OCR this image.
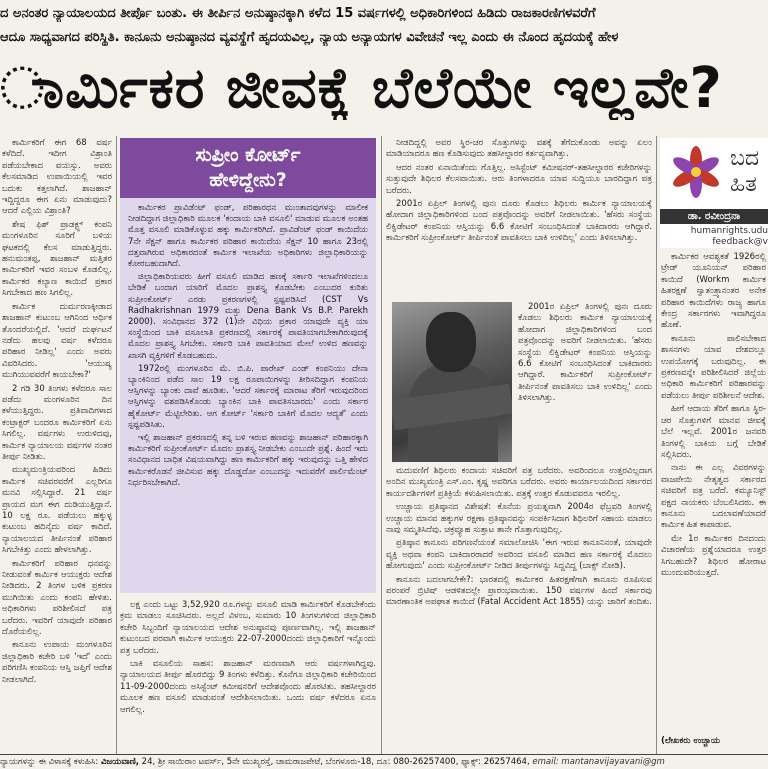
ದ ಅನಂತರ ನ್ಯಾಯಾಲಯದ ತೀರ್ಪೊ ಬಂತು. ಈ ತೀರ್ಪಿನ ಅನುಷ್ಠಾನಕ್ಕಾಗಿ ಕಳೆದ 15 ವರ್ಷಗಳಲ್ಲಿ ಅಧಿಕಾರಿಗಳಿಂದ ಹಿಡಿದು ರಾಜಕಾರಣಿಗಳವರೆಗೆ
ಆದೂ ಸಾಧ್ಯವಾಗದ ಪರಿಸ್ಥಿತಿ. ಕಾನೂನು ಅನುಷ್ಠಾನದ ವ್ಯವಸ್ಥೆಗೆ ಹೃದಯವಿಲ್ಲ, ನ್ಯಾಯ ಅನ್ಯಾಯಗಳ ವಿವೇಚನೆ ಇಲ್ಲ ಎಂದು ಈ ನೊಂದ ಹೃದಯಕ್ಕೆ ಹೇಳ
ಾರ್ಮಿಕರ ಜೀವಕ್ಕೆ ಬೆಲೆಯೇ ಇಲ್ಲವೇ?

ಕಾರ್ಮಿಕರಿಗೆ ಈಗ 68 ವರ್ಷ ಕಳೆದಿದೆ. ಇದೀಗ ವಿಶ್ರಾಂತಿ ಪಡೆಯಬೇಕಾದ ವಯಸ್ಸು. ಅವರು ಕೆಲಸಮಾಡಿದ ಉಪಾಯಿಯಲ್ಲಿ ಇವರ ಬದುಕು ಕತ್ತಲಾಗಿದೆ. ಶಾಜಹಾನ್ ಇದ್ದಿದ್ದರೂ ಈಗ ಏನು ಮಾಡುವುದು? ಆದರೆ ಎಲ್ಲಿಯ ವಿಶ್ರಾಂತಿ?

ಶೇಷ ಫಿಶ್ ಪ್ರಾಡಕ್ಟ್ಸ್ ಕಂಪನಿ ಮಂಗಳೂರಿನ ಸೂರಿಗೆ ಬಳಿಯ ಘಟಕದಲ್ಲಿ ಕೆಲಸ ಮಾಡುತ್ತಿದ್ದರು. ಹನುಮಂತಪ್ಪ, ಶಾಜಹಾನ್ ಮತ್ತಿತರ ಕಾರ್ಮಿಕರಿಗೆ ಇವರ ಸಂಬಳ ಕೊಡಲಿಲ್ಲ. ಕಾರ್ಮಿಕರ ಕಲ್ಯಾಣ ಕಾಯಿದೆ ಪ್ರಕಾರ ಸಿಗಬೇಕಾದ ಹಣ ಸಿಗಲಿಲ್ಲ.

ಕಾರ್ಮಿಕ ದುರ್ಮರಣಕ್ಕೀಡಾದ ಶಾಜಹಾನ್ ಕುಟುಂಬ ಆಗಿನಿಂದ ಆರ್ಥಿಕ ತೊಂದರೆಯಲ್ಲಿದೆ. 'ಆದರೆ ದುರ್ಘಟನೆ ನಡೆದು ಹಲವು ವರ್ಷ ಕಳೆದರೂ ಪರಿಹಾರ ನೀಡಿಲ್ಲ' ಎಂದು ಅವರು ವಿವರಿಸಿದರು. 'ಆಯುಷ್ಯ ಮುಗಿಯುವವರೆಗೆ ಕಾಯಬೇಕಾ?'

2 ಗಡಿ 30 ತಿಂಗಳು ಕಳೆದರೂ ಸಾಲ ಪಡೆದು ಮಂಗಳೂರಿನ ದಿನ ಕಳೆಯುತ್ತಿದ್ದರು. ಪ್ರತಿವಾದಿಗಳಾದ ಕಂಟ್ರಾಕ್ಟರ್ ಬಂದರೂ ಕಾರ್ಮಿಕರಿಗೆ ಏನು ಸಿಗಲಿಲ್ಲ. ವರ್ಷಗಳು ಉರುಳಿದವು, ಕಾರ್ಮಿಕ ನ್ಯಾಯಾಲಯ ವರ್ಷಗಳ ನಂತರ ತೀರ್ಪು ನೀಡಿತು.

ಮುಖ್ಯಮಂತ್ರಿಯವರಿಂದ ಹಿಡಿದು ಕಾರ್ಮಿಕ ಸಚಿವರವರೆಗೆ ಎಲ್ಲರಿಗೂ ಮನವಿ ಸಲ್ಲಿಸಿದ್ದಾರೆ. 21 ವರ್ಷ ಪ್ರಾಯದ ಮಗ ಈಗ ದುಡಿಯುತ್ತಿದ್ದಾನೆ. 10 ಲಕ್ಷ ರೂ. ಪಡೆಯಲು ಹಕ್ಕುಳ್ಳ ಕುಟುಂಬ ಹದಿನೈದು ವರ್ಷ ಕಾದಿದೆ. ನ್ಯಾಯಾಲಯದ ತೀರ್ಪಿನಂತೆ ಪರಿಹಾರ ಸಿಗಬೇಕಿತ್ತು ಎಂದು ಹೇಳಲಾಗಿತ್ತು.

ಕಾರ್ಮಿಕರಿಗೆ ಪರಿಹಾರ ಧನವನ್ನು ನೀಡುವಂತೆ ಕಾರ್ಮಿಕ ಆಯುಕ್ತರು ಆದೇಶ ನೀಡಿದರು. 2 ತಿಂಗಳ ಬಳಿಕ ಪ್ರಕರಣ ಮುಗಿಯಿತು ಎಂದು ಕಂಪನಿ ಹೇಳಿತು. ಅಧಿಕಾರಿಗಳು ಪರಿಶೀಲಿಸದೆ ಪತ್ರ ಬರೆದರು. ಇವರಿಗೆ ಯಾವುದೇ ಪರಿಹಾರ ದೊರೆಯಲಿಲ್ಲ.

ಕಾನೂನು ಉಪಾಯ ಮಂಗಳೂರಿನ ಜಿಲ್ಲಾಧಿಕಾರಿ ಕಚೇರಿ ಬಳಿ 'ಇದೆ' ಎಂದು ಪರಿಗಣಿಸಿ ಕಂಪನಿಯ ಆಸ್ತಿ ಜಪ್ತಿಗೆ ಆದೇಶ ನೀಡಲಾಗಿದೆ.

ಸುಪ್ರೀಂ ಕೋರ್ಟ್
ಹೇಳಿದ್ದೇನು?

ಕಾರ್ಮಿಕರ ಪ್ರಾವಿಡೆಂಟ್ ಫಂಡ್, ಪರಿಹಾರಧನ ಮುಂತಾದವುಗಳನ್ನು ಮಾಲೀಕ ನೀಡದಿದ್ದಾಗ ಜಿಲ್ಲಾಧಿಕಾರಿ ಮೂಲಕ 'ಕಂದಾಯ ಬಾಕಿ ವಸೂಲಿ' ಮಾಡುವ ಮೂಲಕ ಅಂತಹ ಮೊತ್ತ ವಸೂಲಿ ಮಾಡಿಕೊಳ್ಳುವ ಹಕ್ಕು ಕಾರ್ಮಿಕರಿಗಿದೆ. ಪ್ರಾವಿಡೆಂಟ್ ಫಂಡ್ ಕಾಯಿದೆಯ 7ನೇ ಸೆಕ್ಷನ್ ಹಾಗೂ ಕಾರ್ಮಿಕರ ಪರಿಹಾರ ಕಾಯಿದೆಯ ಸೆಕ್ಷನ್ 10 ಹಾಗೂ 23ರಲ್ಲಿ ದತ್ತವಾಗಿರುವ ಅಧಿಕಾರದಂತೆ ಕಾರ್ಮಿಕ ಇಲಾಖೆಯ ಅಧಿಕಾರಿಗಳು ಜಿಲ್ಲಾಧಿಕಾರಿಯನ್ನು ಕೋರಬಹುದಾಗಿದೆ.

ಜಿಲ್ಲಾಧಿಕಾರಿಯವರು ಹೀಗೆ ವಸೂಲಿ ಮಾಡಿದ ಹಣಕ್ಕೆ ಸರ್ಕಾರಿ ಇಲಾಖೆಗಳಿಂದಲೂ ಬೇಡಿಕೆ ಬಂದಾಗ ಯಾರಿಗೆ ಮೊದಲ ಪ್ರಾಶಸ್ತ್ಯ ಕೊಡಬೇಕು ಎಂಬುದರ ಕುರಿತು ಸುಪ್ರೀಂಕೋರ್ಟ್ ಎರಡು ಪ್ರಕರಣಗಳಲ್ಲಿ ಸ್ಪಷ್ಟಪಡಿಸಿದೆ (CST Vs Radhakrishnan 1979 ಮತ್ತು Dena Bank Vs B.P. Parekh 2000). ಸಂವಿಧಾನದ 372 (1)ನೇ ವಿಧಿಯ ಪ್ರಕಾರ ಯಾವುದೇ ವ್ಯಕ್ತಿ ಯಾ ಸಂಸ್ಥೆಯಿಂದ ಬಾಕಿ ವಸೂಲಾತಿ ಪ್ರಕರಣದಲ್ಲಿ ಸರ್ಕಾರಕ್ಕೆ ಪಾವತಿಯಾಗಬೇಕಾಗಿರುವುದಕ್ಕೆ ಮೊದಲ ಪ್ರಾಶಸ್ತ್ಯ ಸಿಗಬೇಕು. ಸರ್ಕಾರಿ ಬಾಕಿ ಪಾವತಿಯಾದ ಮೇಲೆ ಉಳಿದ ಹಣವನ್ನು ಖಾಸಗಿ ವ್ಯಕ್ತಿಗಳಿಗೆ ಕೊಡಬಹುದು.

1972ರಲ್ಲಿ ಮಂಗಳೂರಿನ ಮೆ. ಬಿ.ಪಿ. ಪಾರೇಖ್ ಎಂಡ್ ಕಂಪನಿಯು ದೇನಾ ಬ್ಯಾಂಕಿನಿಂದ ಪಡೆದ ಸಾಲ 19 ಲಕ್ಷ ರೂಪಾಯಿಗಳನ್ನು ತೀರಿಸದಿದ್ದಾಗ ಕಂಪನಿಯ ಆಸ್ತಿಗಳನ್ನು ಬ್ಯಾಂಕು ದಾವೆ ಹೂಡಿತು. 'ಆದರೆ ಸರ್ಕಾರಕ್ಕೆ ಮಾರಾಟ ತೆರಿಗೆ ಇರುವುದರಿಂದ ಆಸ್ತಿಗಳನ್ನು ವಶಪಡಿಸಿಕೊಂಡು ಬ್ಯಾಂಕಿನ ಬಾಕಿ ಪಾವತಿಸಬಾರದು' ಎಂದು ಸರ್ಕಾರ ಹೈಕೋರ್ಟ್ ಮೆಟ್ಟಿಲೇರಿತು. ಆಗ ಕೋರ್ಟ್ 'ಸರ್ಕಾರಿ ಬಾಕಿಗೆ ಮೊದಲ ಆದ್ಯತೆ' ಎಂದು ಸ್ಪಷ್ಟಪಡಿಸಿತು.

ಇಲ್ಲಿ ಶಾಜಹಾನ್ ಪ್ರಕರಣದಲ್ಲಿ ತನ್ನ ಬಳಿ ಇರುವ ಹಣವನ್ನು ಶಾಜಹಾನ್ ಪರಿಹಾರಕ್ಕಾಗಿ ಕಾರ್ಮಿಕರಿಗೆ ಸುಪ್ರೀಂಕೋರ್ಟ್ ಮೊದಲ ಪ್ರಾಶಸ್ತ್ಯ ನೀಡಬೇಕು ಎಂಬುದೇ ಪ್ರಶ್ನೆ. ಹಿಂದೆ ಇದು ಸಂವಿಧಾನದ ಬಾಧಿತ ವಿಷಯವಾಗಿದ್ದು ಹಣ ಕಾರ್ಮಿಕರಿಗೆ ಹಕ್ಕು ಇರುವುದನ್ನು ಒತ್ತಿ ಹೇಳಿದ ಕಾರ್ಮಿಕರೊಡನೆ ಜೀವಿಸುವ ಹಕ್ಕು ದೊಡ್ಡದೋ ಎಂಬುದನ್ನು ಇದುವರೆಗೆ ಪಾರ್ಲಿಮೆಂಟ್ ನಿರ್ಧರಿಸಬೇಕಾಗಿದೆ.

ಲಕ್ಷ ಎಂದು ಒಟ್ಟು 3,52,920 ರೂ.ಗಳನ್ನು ವಸೂಲಿ ಮಾಡಿ ಕಾರ್ಮಿಕರಿಗೆ ಕೊಡಬೇಕೆಂದು ಕ್ರಮ ಮಾಡಲು ಸೂಚಿಸಿದರು. ಅಲ್ಲದೆ ವಿಳಂಬ, ಸುಮಾರು 10 ತಿಂಗಳುಗಳಿಂದ ಜಿಲ್ಲಾಧಿಕಾರಿ ಕಚೇರಿ ಸಿಬ್ಬಂದಿಗೆ ನ್ಯಾಯಾಲಯದ ಆದೇಶ ಅನುಷ್ಠಾನವು ಪೂರ್ಣವಾಗಿಲ್ಲ. ಇಲ್ಲಿ ಶಾಜಹಾನ್ ಕುಟುಂಬದ ಪರವಾಗಿ ಕಾರ್ಮಿಕ ಆಯುಕ್ತರು 22-07-2000ದಂದು ಜಿಲ್ಲಾಧಿಕಾರಿಗೆ ಇನ್ನೊಂದು ಪತ್ರ ಬರೆದರು.

ಬಾಕಿ ವಸೂಲಿಯ ಸಾಹಸ: ಶಾಜಹಾನ್ ಮರಣವಾಗಿ ಆರು ವರ್ಷಗಳಾಗಿದ್ದವು. ನ್ಯಾಯಾಲಯದ ತೀರ್ಪು ಹೊರಬಿದ್ದು 9 ತಿಂಗಳು ಕಳೆದಿತ್ತು. ಕೊನೆಗೂ ಜಿಲ್ಲಾಧಿಕಾರಿ ಕಚೇರಿಯಿಂದ 11-09-2000ದಂದು ಅಸಿಸ್ಟೆಂಟ್ ಕಮೀಷನರಿಗೆ ಆದೇಶವೊಂದು ಹೊರಟಿತು. ತಹಸೀಲ್ದಾರರ ಮೂಲಕ ಹಣ ವಸೂಲಿ ಮಾಡುವಂತೆ ಆದೇಶಿಸಲಾಯಿತು. ಒಂದು ವರ್ಷ ಕಳೆದರೂ ಏನೂ ಆಗಲಿಲ್ಲ.

ನೀಡದಿದ್ದಲ್ಲಿ ಅವರ ಸ್ಥಿರ-ಚರ ಸೊತ್ತುಗಳನ್ನು ವಶಕ್ಕೆ ತೆಗೆದುಕೊಂಡು ಅವನ್ನು ಏಲಂ ಮಾಡಿಯಾದರೂ ಹಣ ಕೊಡಿಸುವುದು ತಹಸೀಲ್ದಾರರ ಕರ್ತವ್ಯವಾಗಿತ್ತು.

ಆದರ ನಂತರ ಏನಾಯಿತೆಂದು ಗೊತ್ತಿಲ್ಲ. ಅಸಿಸ್ಟೆಂಟ್ ಕಮೀಷನರ್-ತಹಸೀಲ್ದಾರರ ಕಚೇರಿಗಳನ್ನು ಸುತ್ತುವುದೇ ಶಿಥಿಲರ ಕೆಲಸವಾಯಿತು. ಆರು ತಿಂಗಳಾದರೂ ಯಾವ ಸುದ್ದಿಯೂ ಬಾರದಿದ್ದಾಗ ಪತ್ರ ಬರೆದರು.

2001ರ ಏಪ್ರಿಲ್ ತಿಂಗಳಲ್ಲಿ ಪುನಃ ದೂರು ಕೊಡಲು ಶಿಥಿಲರು ಕಾರ್ಮಿಕ ನ್ಯಾಯಾಲಯಕ್ಕೆ ಹೋದಾಗ ಜಿಲ್ಲಾಧಿಕಾರಿಗಳಿಂದ ಬಂದ ಪತ್ರವೊಂದನ್ನು ಅವರಿಗೆ ನೀಡಲಾಯಿತು. 'ಹೆಸರು ಸಂಸ್ಥೆಯ ಲಿಕ್ವಿಡೇಟರ್ ಕಂಪನಿಯ ಆಸ್ತಿಯನ್ನು 6.6 ಕೋಟಿಗೆ ಸಂಬಂಧಿಸಿದಂತೆ ಬಾಕಿದಾರರು ಆಗಿದ್ದಾರೆ. ಕಾರ್ಮಿಕರಿಗೆ ಸುಪ್ರೀಂಕೋರ್ಟ್ ತೀರ್ಪಿನಂತೆ ಪಾವತಿಸಲು ಬಾಕಿ ಉಳಿದಿಲ್ಲ' ಎಂದು ತಿಳಿಸಲಾಗಿತ್ತು.

2001ರ ಏಪ್ರಿಲ್ ತಿಂಗಳಲ್ಲಿ ಪುನಃ ದೂರು ಕೊಡಲು ಶಿಥಿಲರು ಕಾರ್ಮಿಕ ನ್ಯಾಯಾಲಯಕ್ಕೆ ಹೋದಾಗ ಜಿಲ್ಲಾಧಿಕಾರಿಗಳಿಂದ ಬಂದ ಪತ್ರವೊಂದನ್ನು ಅವರಿಗೆ ನೀಡಲಾಯಿತು. 'ಹೆಸರು ಸಂಸ್ಥೆಯ ಲಿಕ್ವಿಡೇಟರ್ ಕಂಪನಿಯ ಆಸ್ತಿಯನ್ನು 6.6 ಕೋಟಿಗೆ ಸಂಬಂಧಿಸಿದಂತೆ ಬಾಕಿದಾರರು ಆಗಿದ್ದಾರೆ. ಕಾರ್ಮಿಕರಿಗೆ ಸುಪ್ರೀಂಕೋರ್ಟ್ ತೀರ್ಪಿನಂತೆ ಪಾವತಿಸಲು ಬಾಕಿ ಉಳಿದಿಲ್ಲ' ಎಂದು ತಿಳಿಸಲಾಗಿತ್ತು.

ಮದುವಣಿಗೆ ಶಿಥಿಲರು ಕಂದಾಯ ಸಚಿವರಿಗೆ ಪತ್ರ ಬರೆದರು. ಅವರಿಂದಲೂ ಉತ್ತರವಿಲ್ಲದಾಗ ಅಂದಿನ ಮುಖ್ಯಮಂತ್ರಿ ಎಸ್.ಎಂ. ಕೃಷ್ಣ ಅವರಿಗೂ ಬರೆದರು. ಅವರು ಕಾರ್ಯಾಲಯದಿಂದ ಸರ್ಕಾರದ ಕಾರ್ಯದರ್ಶಿಗಳಿಗೆ ಪ್ರತಿಕ್ರಿಯೆ ಕಳುಹಿಸಲಾಯಿತು. ಪತ್ರಕ್ಕೆ ಉತ್ತರ ಕೊಡುವವರೂ ಇರಲಿಲ್ಲ.

ಉಚ್ಚಾಯ ಪ್ರತಿಷ್ಠಾನದ ವಿಶೇಷತೆ: ಕೊನೆಯ ಪ್ರಯತ್ನವಾಗಿ 2004ರ ಫೆಬ್ರವರಿ ತಿಂಗಳಲ್ಲಿ ಉಚ್ಚಾಯ ಮಾನವ ಹಕ್ಕುಗಳ ರಕ್ಷಣಾ ಪ್ರತಿಷ್ಠಾನವನ್ನು ಸಂಪರ್ಕಿಸಿದಾಗ ಶಿಥಿಲರಿಗೆ ಸಹಾಯ ಮಾಡಲು ನಾವು ಸಮ್ಮತಿಸಿದೆವು. ಚಕ್ರವ್ಯೂಹ ಸುತ್ತಾಟ ತಾನೇ ಗೊತ್ತಾಗುವುದಿಲ್ಲ.

ಪ್ರತಿಷ್ಠಾನ ಕಾನೂನು ಪರಿಗಣನೆಯಂತೆ ಸಮಾಲೋಚಿಸಿ 'ಈಗ ಇರುವ ಕಾನೂನಿನಂತೆ, ಯಾವುದೇ ವ್ಯಕ್ತಿ ಅಥವಾ ಕಂಪನಿ ಬಾಕಿದಾರರಾದರೆ ಅವರಿಂದ ವಸೂಲಿ ಮಾಡಿದ ಹಣ ಸರ್ಕಾರಕ್ಕೆ ಮೊದಲು ಹೋಗುವುದು' ಎಂದು ಸುಪ್ರೀಂಕೋರ್ಟ್ ನೀಡಿದ ತೀರ್ಪುಗಳನ್ನು ಸಿದ್ದವಿದ್ದ (ಬಾಕ್ಸ್ ನೋಡಿ).

ಕಾನೂನು ಬದಲಾಗಬೇಕೇ?: ಭಾರತದಲ್ಲಿ ಕಾರ್ಮಿಕರ ಹಿತರಕ್ಷಣೆಗಾಗಿ ಕಾನೂನು ರೂಪಿಸುವ ಪರಂಪರೆ ಬ್ರಿಟಿಷ್ ಆಡಳಿತದಲ್ಲೇ ಪ್ರಾರಂಭವಾಯಿತು. 150 ವರ್ಷಗಳ ಹಿಂದೆ ಸರ್ಕಾರವು ಮಾರಣಾಂತಿಕ ಅಪಘಾತ ಕಾಯಿದೆ (Fatal Accident Act 1855) ಯನ್ನು ಜಾರಿಗೆ ತಂದಿತು.

ಬದ
ಹಿತ
ಡಾ. ರವೀಂದ್ರನಾ
humanrights.udu
feedback@v

ಕಾರ್ಮಿಕರ ಆವಶ್ಯಕತೆ 1926ರಲ್ಲಿ ಟ್ರೇಡ್ ಯೂನಿಯನ್ ಪರಿಹಾರ ಕಾಯಿದೆ (Workm ಕಾರ್ಮಿಕ ಹಿತರಕ್ಷಣೆ ಸ್ವಾತಂತ್ರ್ಯಾನಂತರ ಅನೇಕ ಪರಿಹಾರ ಕಾಯಿದೆಗಳು ರಾಜ್ಯ ಹಾಗೂ ಕೇಂದ್ರ ಸರ್ಕಾರಗಳು ಇವಾಗಿದ್ದರೂ ಹೊಣೆ.

ಕಾನೂನು ಪಾಲಿಸಬೇಕಾದ ಶಾಸನಗಳು ಯಾವ ದೇಶದಲ್ಲೂ ಉಪಯೋಗಕ್ಕೆ ಬರುವುದಿಲ್ಲ. ಈ ಪ್ರಕರಣವನ್ನೇ ಪರಿಶೀಲಿಸಿದರೆ ಜಿಲ್ಲೆಯ ಅಧಿಕಾರಿ ಕಾರ್ಮಿಕರಿಗೆ ಪರಿಹಾರವನ್ನು ಪಡೆಯಲು ತೀರ್ಪು ಪರಿಶೀಲನೆ ಆದೇಶ.

ಹೀಗೆ ಆದಾಯ ತೆರಿಗೆ ಹಾಗೂ ಸ್ಥಿರ-ಚರ ಸೊತ್ತುಗಳಿಗೆ ಮಾನವ ಜೀವಕ್ಕೆ ಬೆಲೆ ಇಲ್ಲವೆ. 2001ರ ಜನವರಿ ತಿಂಗಳಲ್ಲಿ ಬಾಕಿಯ ಬಗ್ಗೆ ಬೇಡಿಕೆ ಸಲ್ಲಿಸಿದರು.

ನಾನು ಈ ಎಲ್ಲ ವಿವರಗಳನ್ನು ವಾಜಪೇಯಿ ನೇತೃತ್ವದ ಸರ್ಕಾರದ ಸಚಿವರಿಗೆ ಪತ್ರ ಬರೆದೆ. ಕಮ್ಯೂನಿಸ್ಟ್ ಪಕ್ಷದ ನಾಯಕರು ಬೆಂಬಲಿಸಿದರು. ಈ ಕಾನೂನು ಬದಲಾವಣೆಯಾದರೆ ಕಾರ್ಮಿಕ ಹಿತ ಕಾಪಾಡುವ.

ಮೇ 1ರ ಕಾರ್ಮಿಕರ ದಿನದಂದು ವಿಚಾರಣೆಯ ಪ್ರಶ್ನೆಯಾದರೂ ಉತ್ತರ ಸಿಗಬಹುದೇ? ಶಿಥಿಲರ ಹೋರಾಟ ಮುಂದುವರಿಯುತ್ತದೆ.

(ಲೇಖಕರು ಉಚ್ಚಾಯ
ನ್ಯಾಯಗಳನ್ನು ಈ ವಿಳಾಸಕ್ಕೆ ಕಳುಹಿಸಿ: ವಿಜಯವಾಣಿ, 24, ಶ್ರೀ ಸಾಯಿರಾಂ ಟವರ್ಸ್, 5ನೇ ಮುಖ್ಯರಸ್ತೆ, ಚಾಮರಾಜಪೇಟೆ, ಬೆಂಗಳೂರು-18, ದೂ: 080-26257400, ಫ್ಯಾಕ್ಸ್: 26257464, email: mantanavijayavani@gm
